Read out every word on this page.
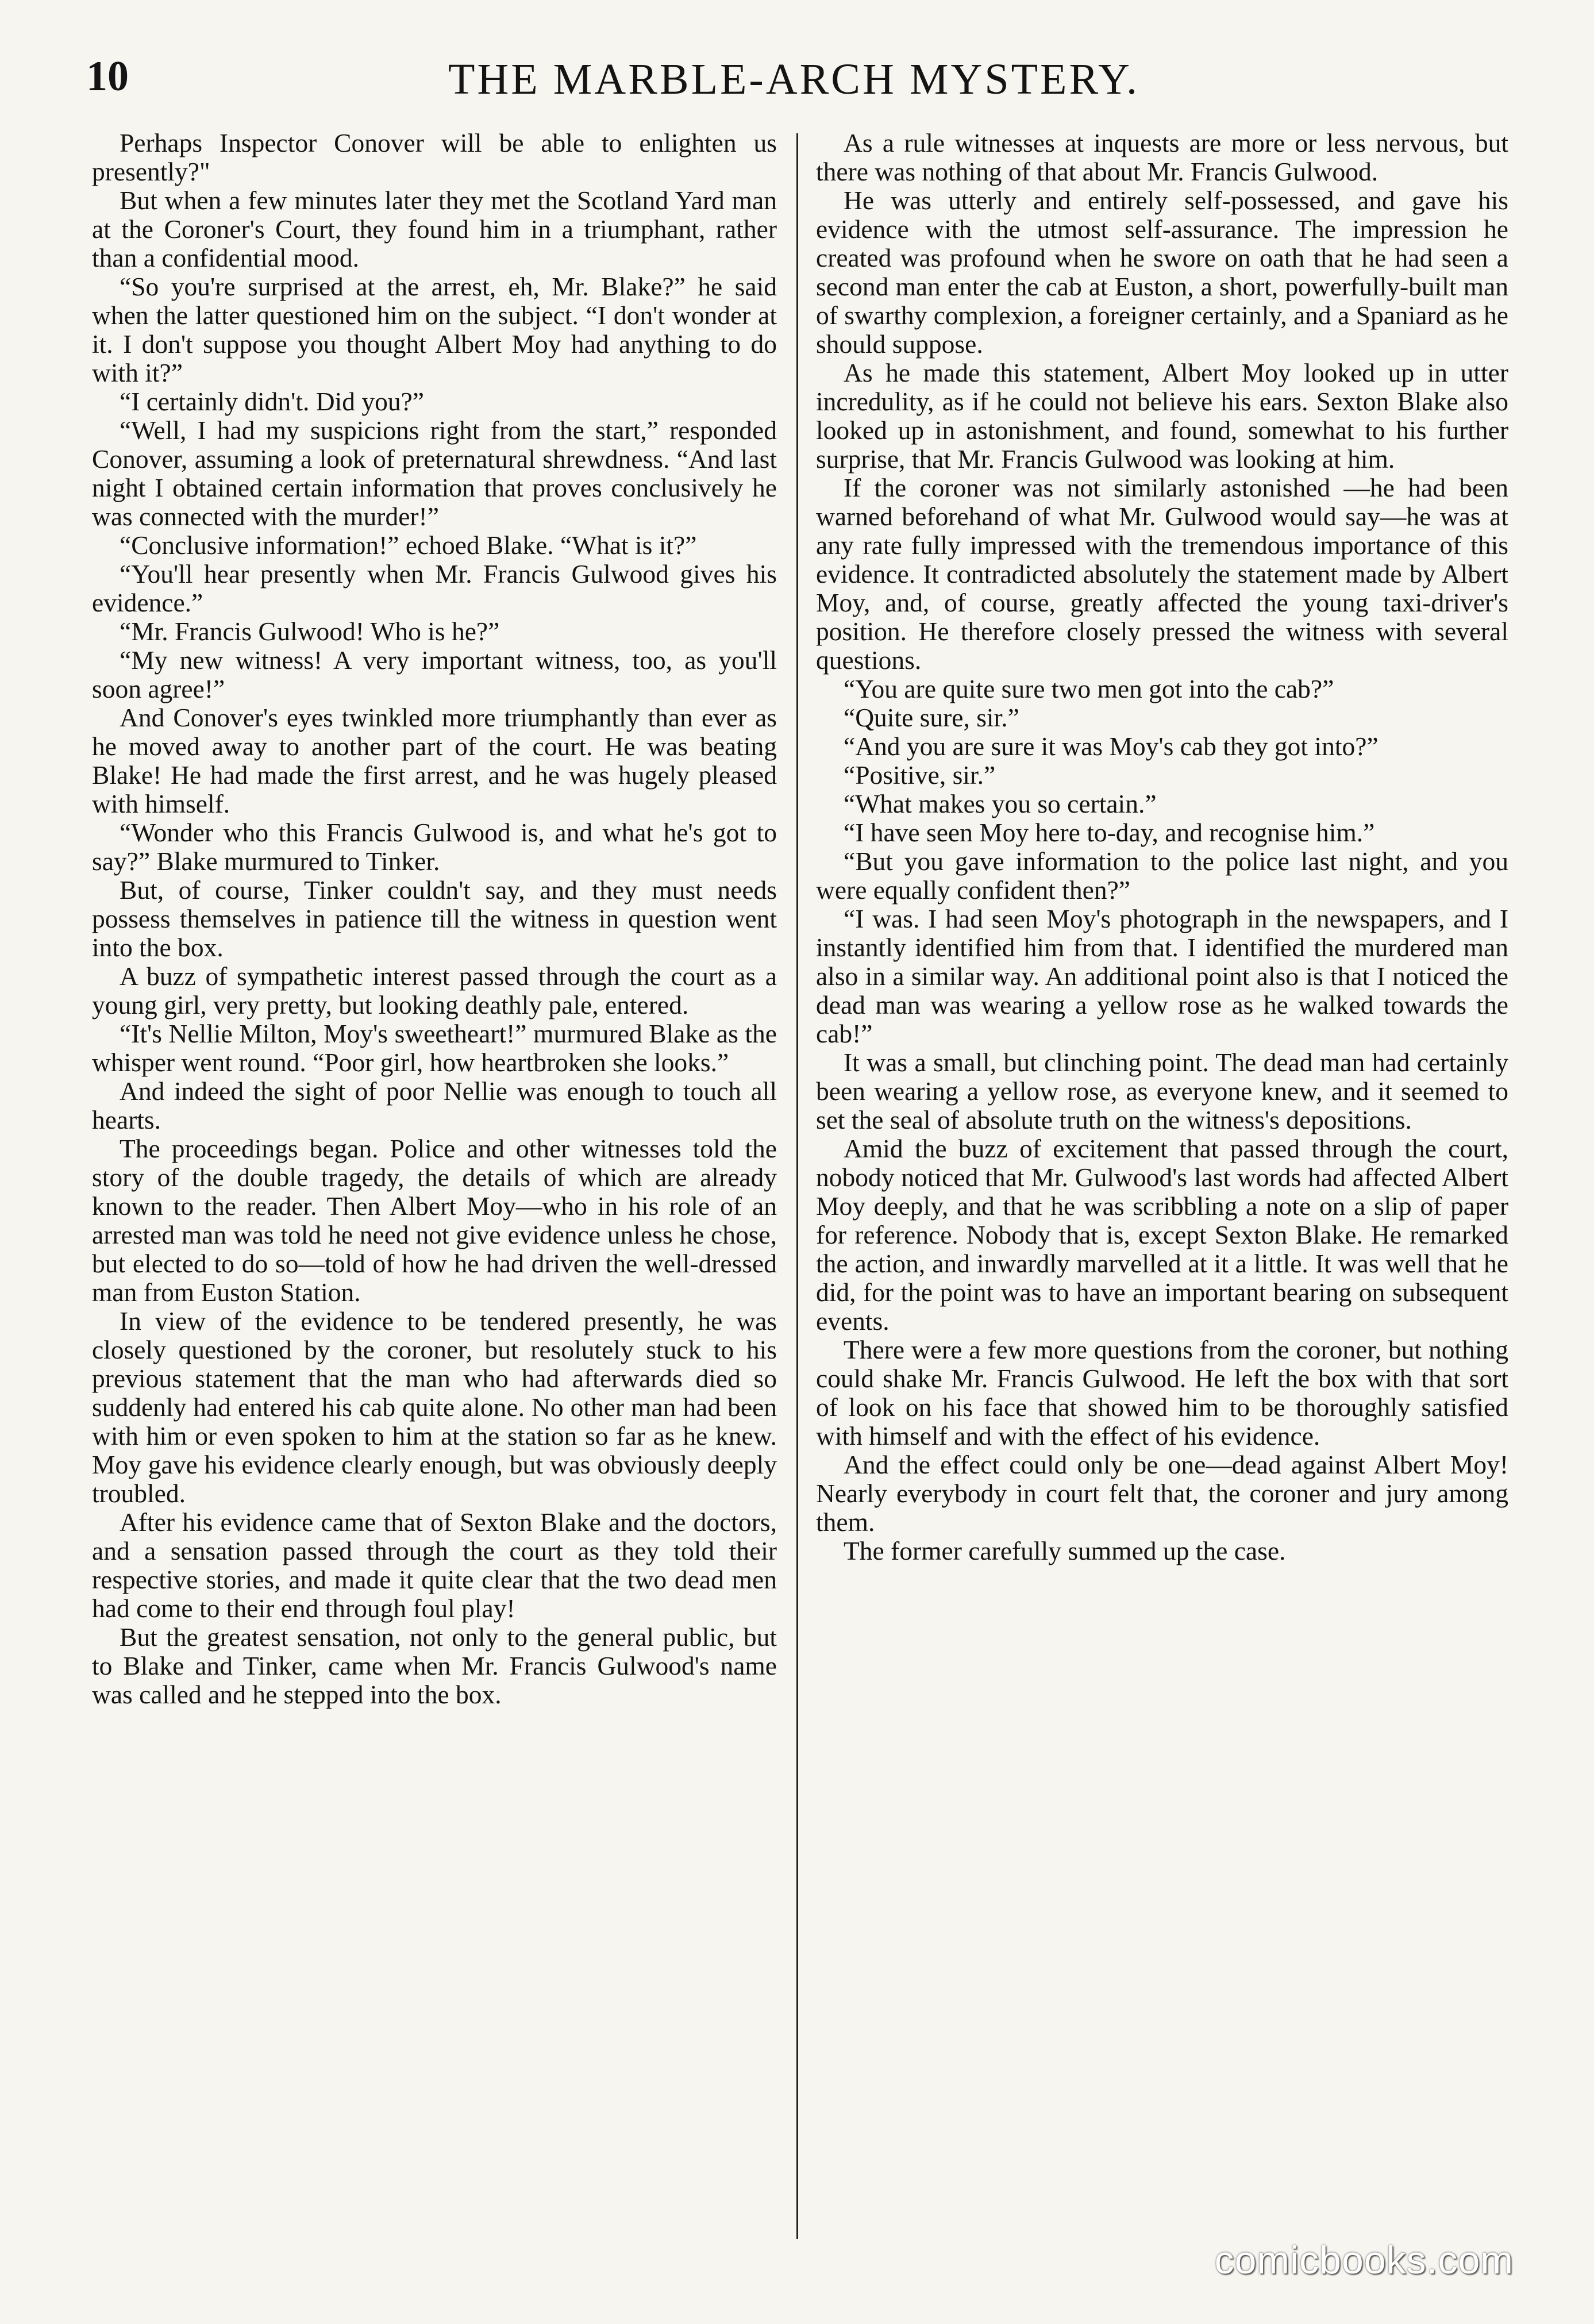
10	THE MARBLE-ARCH MYSTERY.

Perhaps Inspector Conover will be able to enlighten us presently?"

But when a few minutes later they met the Scotland Yard man at the Coroner's Court, they found him in a triumphant, rather than a confidential mood.

“So you're surprised at the arrest, eh, Mr. Blake?” he said when the latter questioned him on the subject. “I don't wonder at it. I don't suppose you thought Albert Moy had anything to do with it?”

“I certainly didn't. Did you?”

“Well, I had my suspicions right from the start,” responded Conover, assuming a look of preternatural shrewdness. “And last night I obtained certain information that proves conclusively he was connected with the murder!”

“Conclusive information!” echoed Blake. “What is it?”

“You'll hear presently when Mr. Francis Gulwood gives his evidence.”

“Mr. Francis Gulwood! Who is he?”

“My new witness! A very important witness, too, as you'll soon agree!”

And Conover's eyes twinkled more triumphantly than ever as he moved away to another part of the court. He was beating Blake! He had made the first arrest, and he was hugely pleased with himself.

“Wonder who this Francis Gulwood is, and what he's got to say?” Blake murmured to Tinker.

But, of course, Tinker couldn't say, and they must needs possess themselves in patience till the witness in question went into the box.

A buzz of sympathetic interest passed through the court as a young girl, very pretty, but looking deathly pale, entered.

“It's Nellie Milton, Moy's sweetheart!” murmured Blake as the whisper went round. “Poor girl, how heartbroken she looks.”

And indeed the sight of poor Nellie was enough to touch all hearts.

The proceedings began. Police and other witnesses told the story of the double tragedy, the details of which are already known to the reader. Then Albert Moy—who in his role of an arrested man was told he need not give evidence unless he chose, but elected to do so—told of how he had driven the well-dressed man from Euston Station.

In view of the evidence to be tendered presently, he was closely questioned by the coroner, but resolutely stuck to his previous statement that the man who had afterwards died so suddenly had entered his cab quite alone. No other man had been with him or even spoken to him at the station so far as he knew. Moy gave his evidence clearly enough, but was obviously deeply troubled.

After his evidence came that of Sexton Blake and the doctors, and a sensation passed through the court as they told their respective stories, and made it quite clear that the two dead men had come to their end through foul play!

But the greatest sensation, not only to the general public, but to Blake and Tinker, came when Mr. Francis Gulwood's name was called and he stepped into the box.

As a rule witnesses at inquests are more or less nervous, but there was nothing of that about Mr. Francis Gulwood.

He was utterly and entirely self-possessed, and gave his evidence with the utmost self-assurance. The impression he created was profound when he swore on oath that he had seen a second man enter the cab at Euston, a short, powerfully-built man of swarthy complexion, a foreigner certainly, and a Spaniard as he should suppose.

As he made this statement, Albert Moy looked up in utter incredulity, as if he could not believe his ears. Sexton Blake also looked up in astonishment, and found, somewhat to his further surprise, that Mr. Francis Gulwood was looking at him.

If the coroner was not similarly astonished —he had been warned beforehand of what Mr. Gulwood would say—he was at any rate fully impressed with the tremendous importance of this evidence. It contradicted absolutely the statement made by Albert Moy, and, of course, greatly affected the young taxi-driver's position. He therefore closely pressed the witness with several questions.

“You are quite sure two men got into the cab?”

“Quite sure, sir.”

“And you are sure it was Moy's cab they got into?”

“Positive, sir.”

“What makes you so certain.”

“I have seen Moy here to-day, and recognise him.”

“But you gave information to the police last night, and you were equally confident then?”

“I was. I had seen Moy's photograph in the newspapers, and I instantly identified him from that. I identified the murdered man also in a similar way. An additional point also is that I noticed the dead man was wearing a yellow rose as he walked towards the cab!”

It was a small, but clinching point. The dead man had certainly been wearing a yellow rose, as everyone knew, and it seemed to set the seal of absolute truth on the witness's depositions.

Amid the buzz of excitement that passed through the court, nobody noticed that Mr. Gulwood's last words had affected Albert Moy deeply, and that he was scribbling a note on a slip of paper for reference. Nobody that is, except Sexton Blake. He remarked the action, and inwardly marvelled at it a little. It was well that he did, for the point was to have an important bearing on subsequent events.

There were a few more questions from the coroner, but nothing could shake Mr. Francis Gulwood. He left the box with that sort of look on his face that showed him to be thoroughly satisfied with himself and with the effect of his evidence.

And the effect could only be one—dead against Albert Moy! Nearly everybody in court felt that, the coroner and jury among them.

The former carefully summed up the case.

comicbooks.com
